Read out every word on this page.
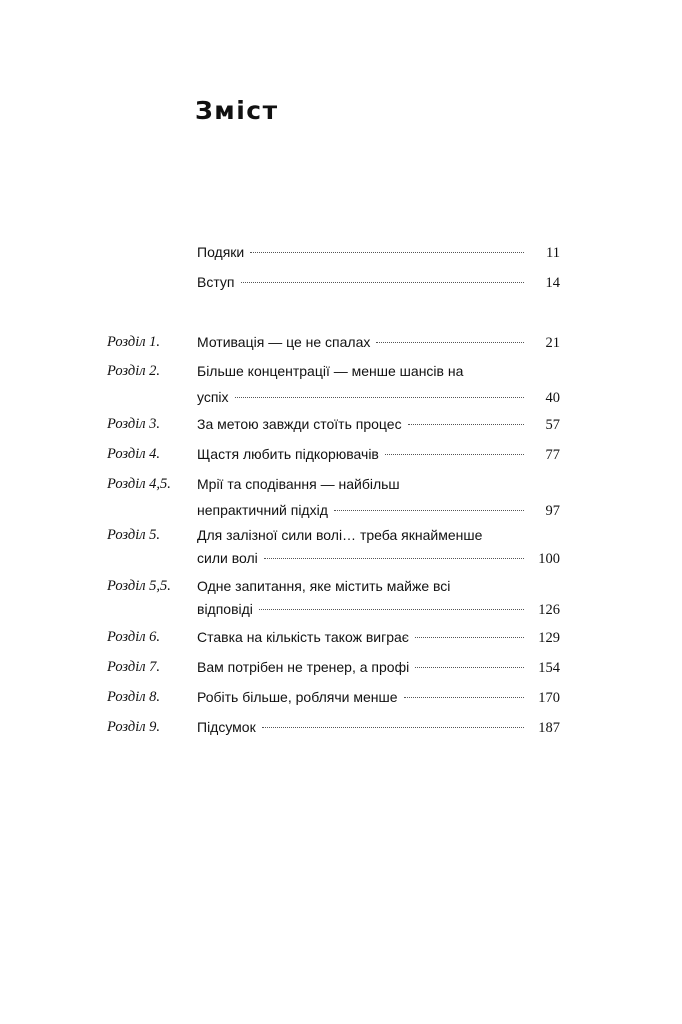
Зміст
Подяки	11
Вступ	14
Розділ 1.	Мотивація — це не спалах	21
Розділ 2.	Більше концентрації — менше шансів на
успіх	40
Розділ 3.	За метою завжди стоїть процес	57
Розділ 4.	Щастя любить підкорювачів	77
Розділ 4,5. Мрії та сподівання — найбільш
непрактичний підхід	97
Розділ 5.	Для залізної сили волі… треба якнайменше
сили волі	100
Розділ 5,5. Одне запитання, яке містить майже всі
відповіді	126
Розділ 6.	Ставка на кількість також виграє	129
Розділ 7.	Вам потрібен не тренер, а профі	154
Розділ 8.	Робіть більше, роблячи менше	170
Розділ 9.	Підсумок	187
